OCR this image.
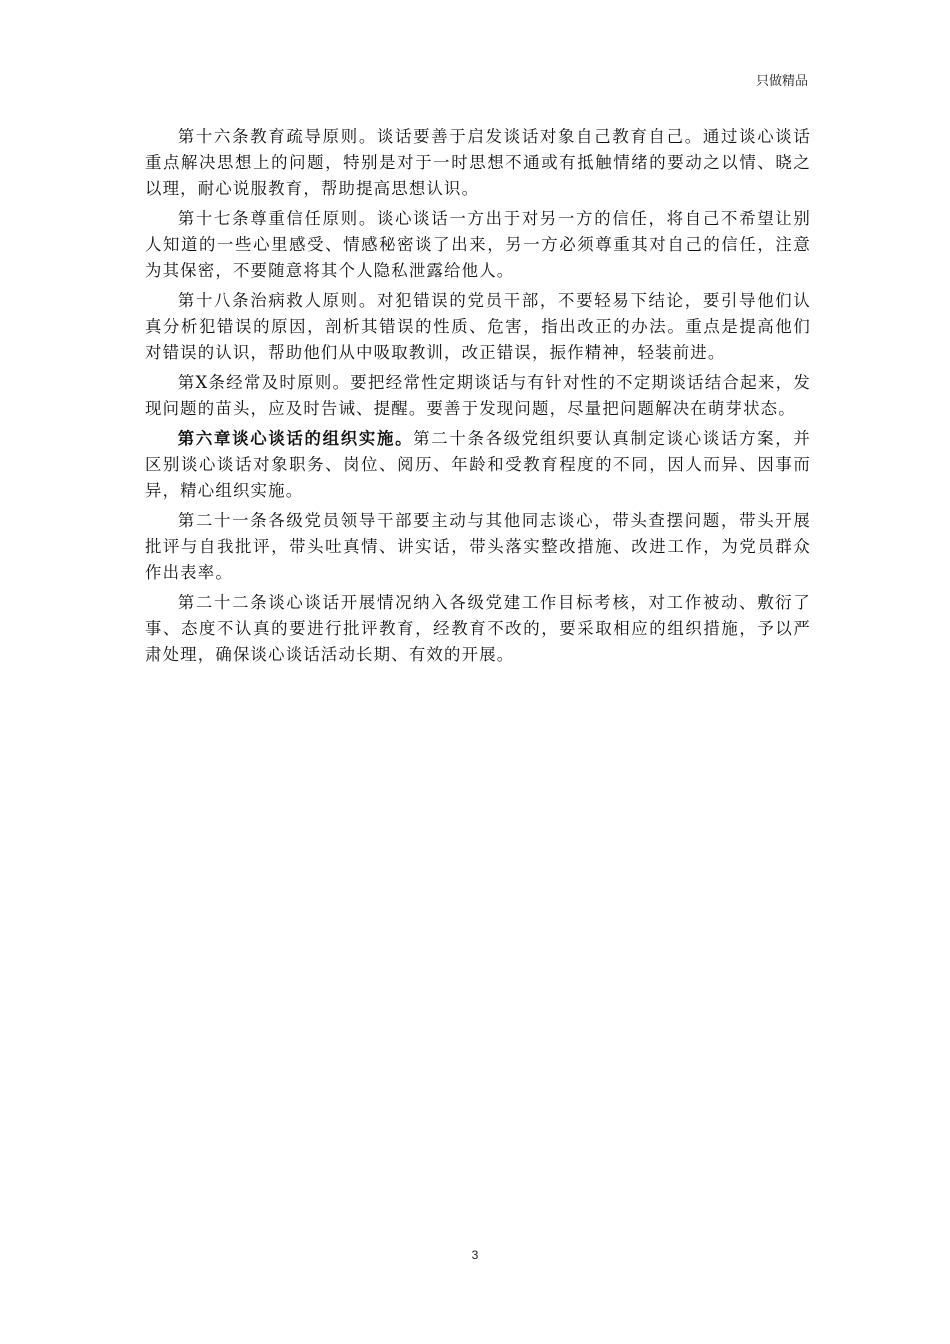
只做精品

第十六条教育疏导原则。谈话要善于启发谈话对象自己教育自己。通过谈心谈话重点解决思想上的问题，特别是对于一时思想不通或有抵触情绪的要动之以情、晓之以理，耐心说服教育，帮助提高思想认识。

第十七条尊重信任原则。谈心谈话一方出于对另一方的信任，将自己不希望让别人知道的一些心里感受、情感秘密谈了出来，另一方必须尊重其对自己的信任，注意为其保密，不要随意将其个人隐私泄露给他人。

第十八条治病救人原则。对犯错误的党员干部，不要轻易下结论，要引导他们认真分析犯错误的原因，剖析其错误的性质、危害，指出改正的办法。重点是提高他们对错误的认识，帮助他们从中吸取教训，改正错误，振作精神，轻装前进。

第X条经常及时原则。要把经常性定期谈话与有针对性的不定期谈话结合起来，发现问题的苗头，应及时告诫、提醒。要善于发现问题，尽量把问题解决在萌芽状态。

第六章谈心谈话的组织实施。第二十条各级党组织要认真制定谈心谈话方案，并区别谈心谈话对象职务、岗位、阅历、年龄和受教育程度的不同，因人而异、因事而异，精心组织实施。

第二十一条各级党员领导干部要主动与其他同志谈心，带头查摆问题，带头开展批评与自我批评，带头吐真情、讲实话，带头落实整改措施、改进工作，为党员群众作出表率。

第二十二条谈心谈话开展情况纳入各级党建工作目标考核，对工作被动、敷衍了事、态度不认真的要进行批评教育，经教育不改的，要采取相应的组织措施，予以严肃处理，确保谈心谈话活动长期、有效的开展。

3
